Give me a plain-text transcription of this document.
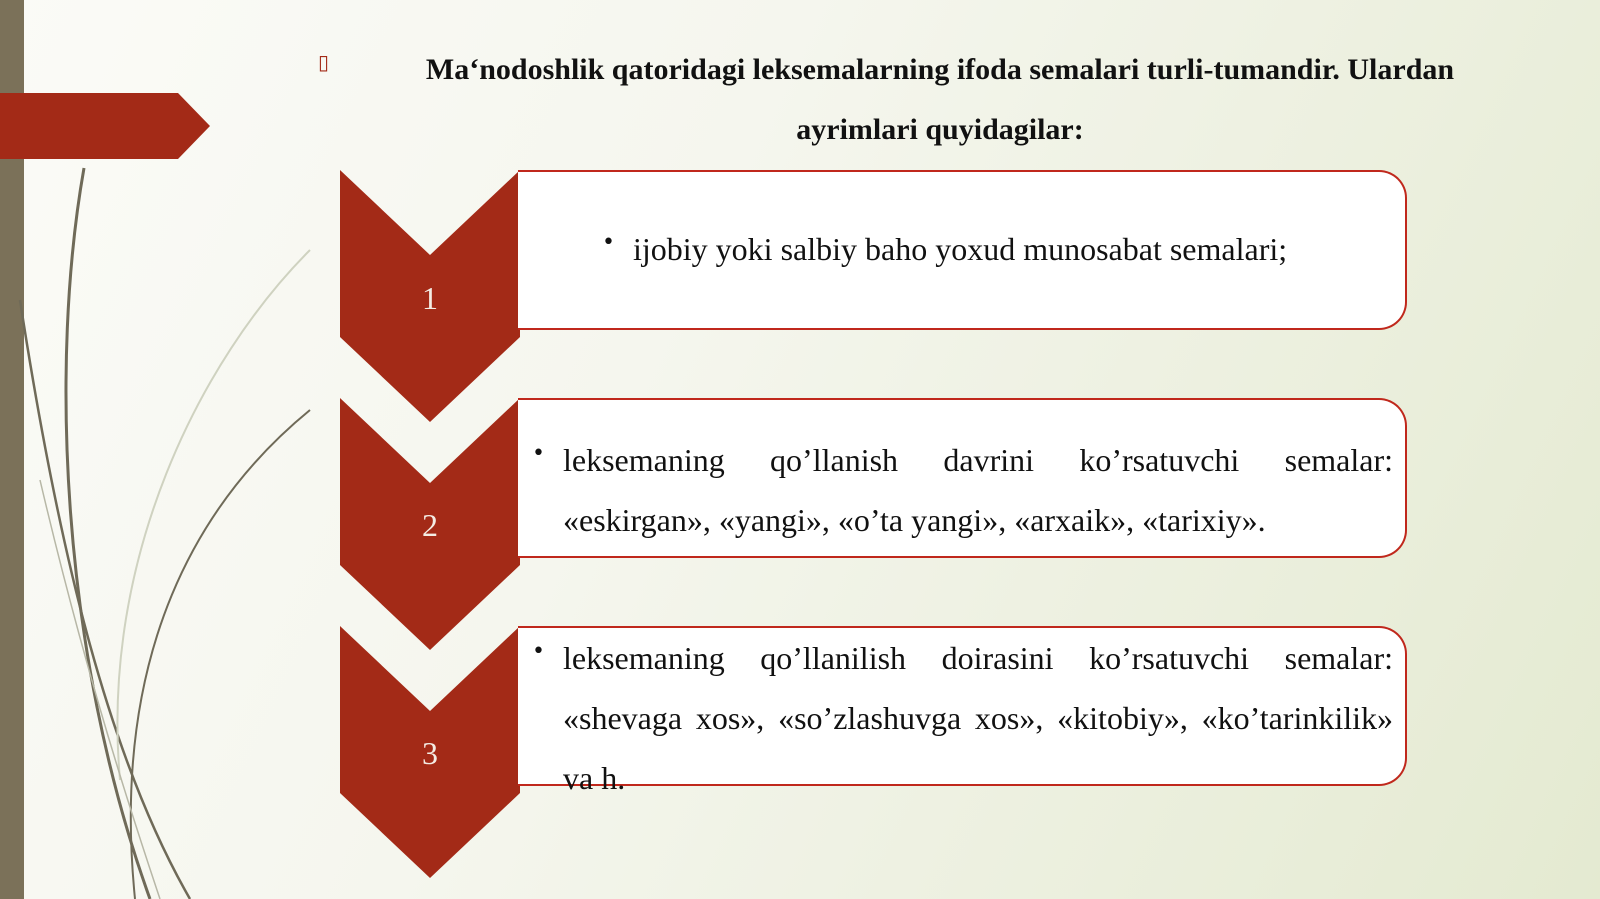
▯	Ma‘nodoshlik qatoridagi leksemalarning ifoda semalari turli-tumandir. Ulardan
ayrimlari quyidagilar:
1
• ijobiy yoki salbiy baho yoxud munosabat semalari;
2
• leksemaning qo’llanish davrini ko’rsatuvchi semalar: «eskirgan», «yangi», «o’ta yangi», «arxaik», «tarixiy».
3
• leksemaning qo’llanilish doirasini ko’rsatuvchi semalar: «shevaga xos», «so’zlashuvga xos», «kitobiy», «ko’tarinkilik» va h.
